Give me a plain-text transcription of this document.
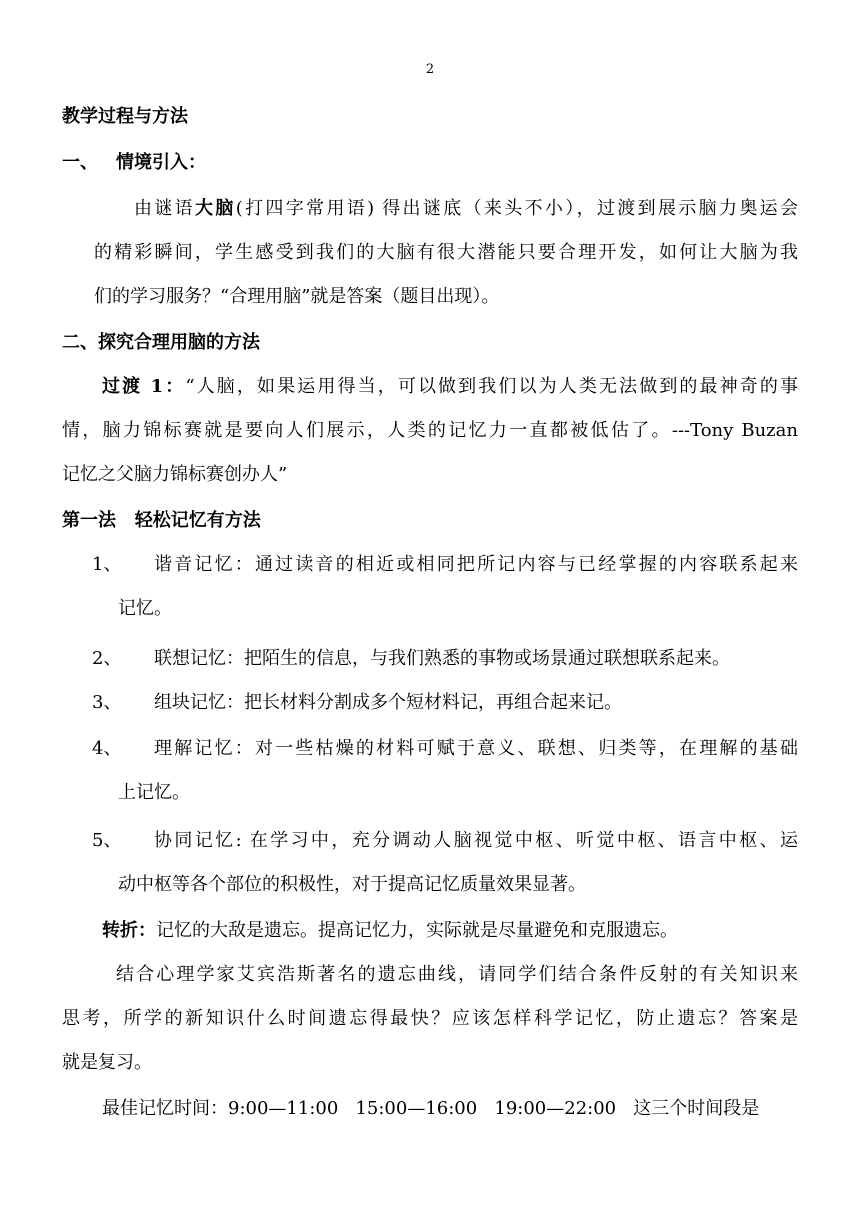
2
教学过程与方法
一、 情境引入：
由谜语大脑(打四字常用语) 得出谜底（来头不小），过渡到展示脑力奥运会
的精彩瞬间，学生感受到我们的大脑有很大潜能只要合理开发，如何让大脑为我
们的学习服务？“合理用脑”就是答案（题目出现）。
二、探究合理用脑的方法
过渡 1：“人脑，如果运用得当，可以做到我们以为人类无法做到的最神奇的事
情，脑力锦标赛就是要向人们展示，人类的记忆力一直都被低估了。---Tony Buzan
记忆之父脑力锦标赛创办人”
第一法   轻松记忆有方法
1、 谐音记忆：通过读音的相近或相同把所记内容与已经掌握的内容联系起来
记忆。
2、 联想记忆：把陌生的信息，与我们熟悉的事物或场景通过联想联系起来。
3、 组块记忆：把长材料分割成多个短材料记，再组合起来记。
4、 理解记忆：对一些枯燥的材料可赋于意义、联想、归类等，在理解的基础
上记忆。
5、 协同记忆: 在学习中，充分调动人脑视觉中枢、听觉中枢、语言中枢、运
动中枢等各个部位的积极性，对于提高记忆质量效果显著。
转折：记忆的大敌是遗忘。提高记忆力，实际就是尽量避免和克服遗忘。
结合心理学家艾宾浩斯著名的遗忘曲线，请同学们结合条件反射的有关知识来
思考，所学的新知识什么时间遗忘得最快？应该怎样科学记忆，防止遗忘？答案是
就是复习。
最佳记忆时间：9:00—11:00   15:00—16:00   19:00—22:00   这三个时间段是
